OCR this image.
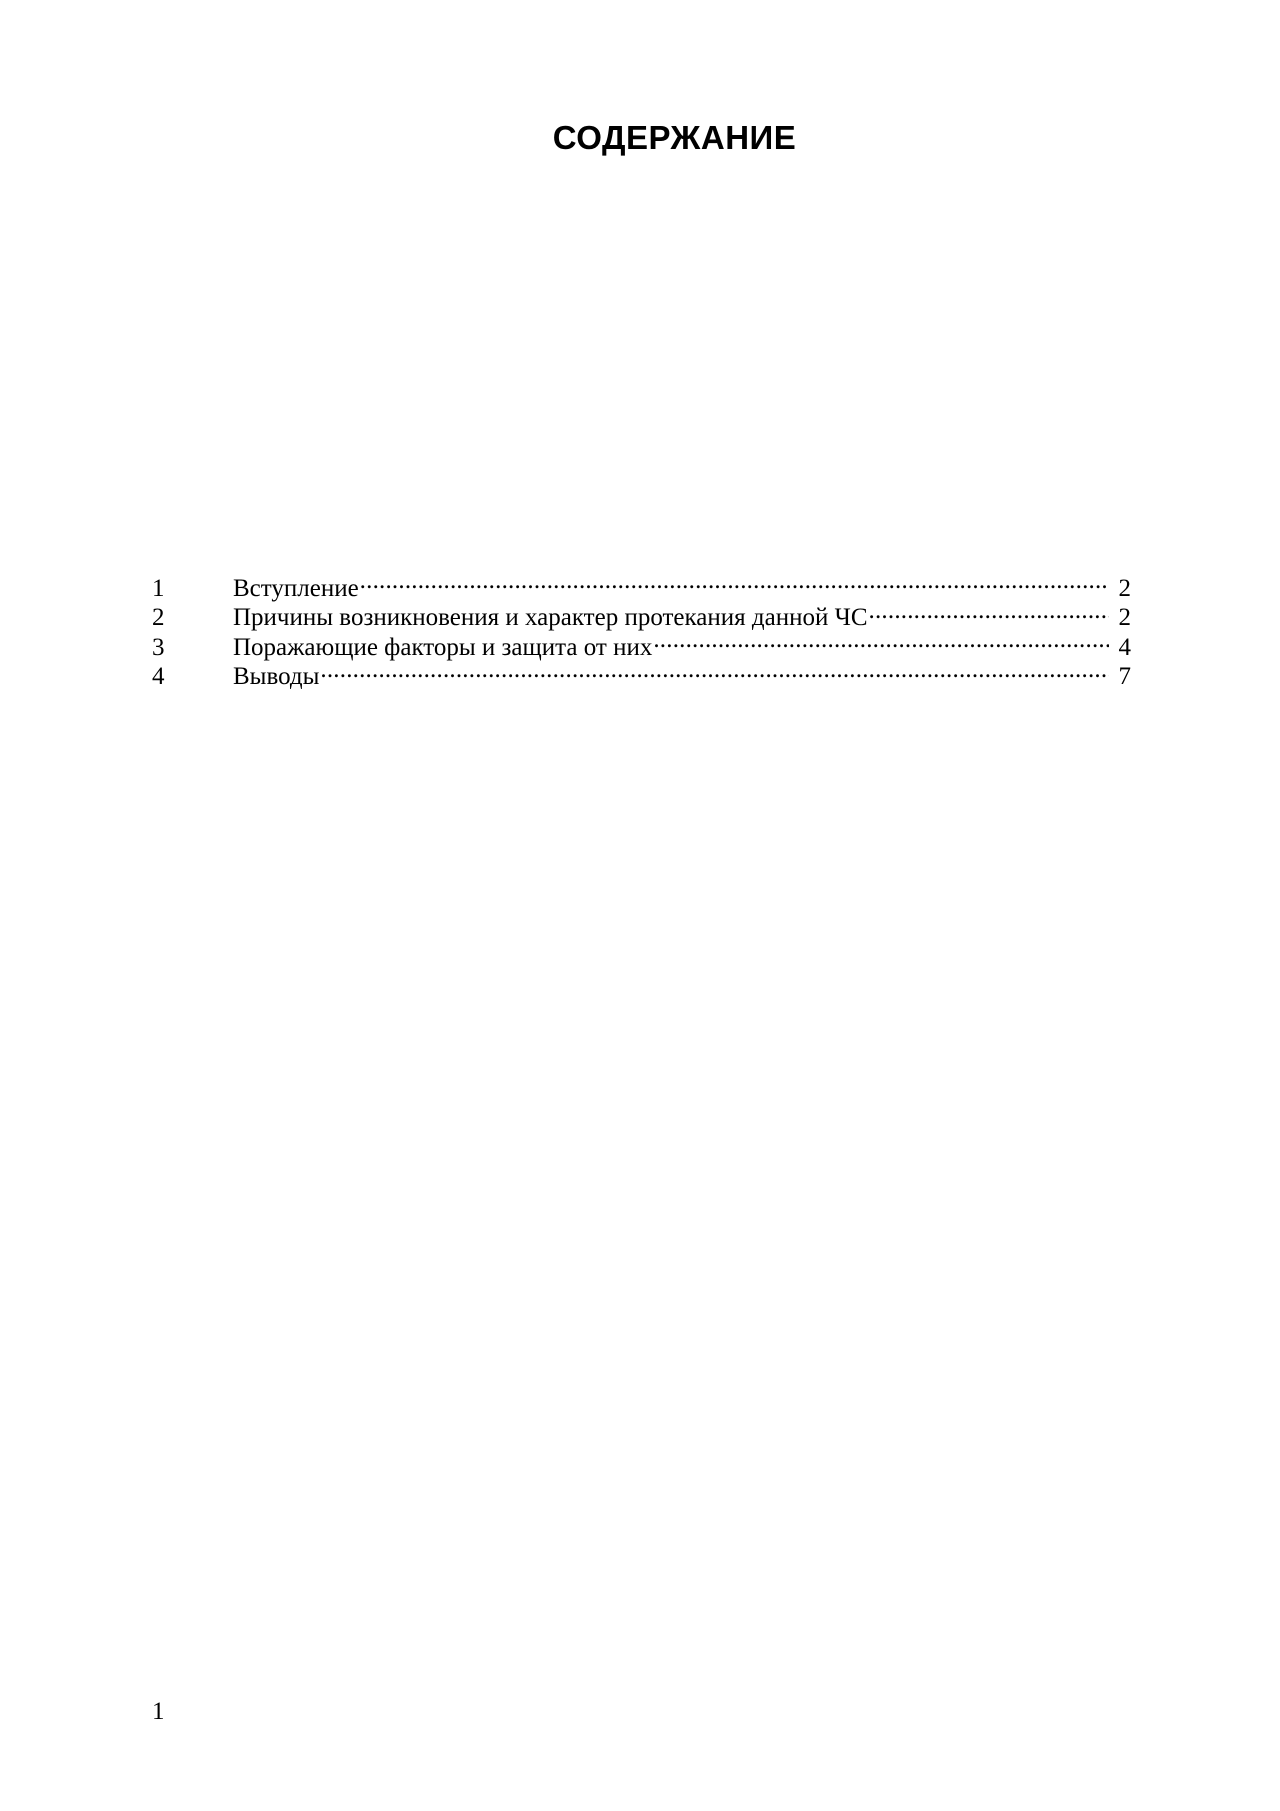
СОДЕРЖАНИЕ
1	Вступление .....	2
2	Причины возникновения и характер протекания данной ЧС .....	2
3	Поражающие факторы и защита от них .....	4
4	Выводы .....	7
1
